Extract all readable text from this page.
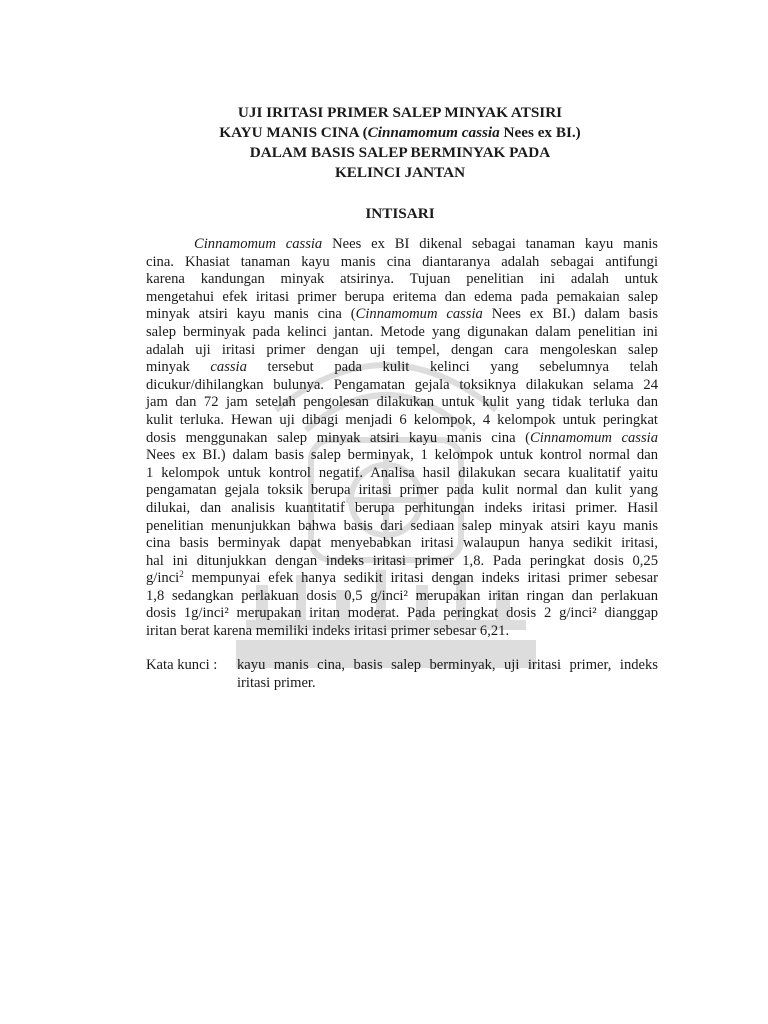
UJI IRITASI PRIMER SALEP MINYAK ATSIRI
KAYU MANIS CINA (Cinnamomum cassia Nees ex BI.)
DALAM BASIS SALEP BERMINYAK PADA
KELINCI JANTAN
INTISARI
Cinnamomum cassia Nees ex BI dikenal sebagai tanaman kayu manis
cina. Khasiat tanaman kayu manis cina diantaranya adalah sebagai antifungi
karena kandungan minyak atsirinya. Tujuan penelitian ini adalah untuk
mengetahui efek iritasi primer berupa eritema dan edema pada pemakaian salep
minyak atsiri kayu manis cina (Cinnamomum cassia Nees ex BI.) dalam basis
salep berminyak pada kelinci jantan. Metode yang digunakan dalam penelitian ini
adalah uji iritasi primer dengan uji tempel, dengan cara mengoleskan salep
minyak cassia tersebut pada kulit kelinci yang sebelumnya telah
dicukur/dihilangkan bulunya. Pengamatan gejala toksiknya dilakukan selama 24
jam dan 72 jam setelah pengolesan dilakukan untuk kulit yang tidak terluka dan
kulit terluka. Hewan uji dibagi menjadi 6 kelompok, 4 kelompok untuk peringkat
dosis menggunakan salep minyak atsiri kayu manis cina (Cinnamomum cassia
Nees ex BI.) dalam basis salep berminyak, 1 kelompok untuk kontrol normal dan
1 kelompok untuk kontrol negatif. Analisa hasil dilakukan secara kualitatif yaitu
pengamatan gejala toksik berupa iritasi primer pada kulit normal dan kulit yang
dilukai, dan analisis kuantitatif berupa perhitungan indeks iritasi primer. Hasil
penelitian menunjukkan bahwa basis dari sediaan salep minyak atsiri kayu manis
cina basis berminyak dapat menyebabkan iritasi walaupun hanya sedikit iritasi,
hal ini ditunjukkan dengan indeks iritasi primer 1,8. Pada peringkat dosis 0,25
g/inci$^2$ mempunyai efek hanya sedikit iritasi dengan indeks iritasi primer sebesar
1,8 sedangkan perlakuan dosis 0,5 g/inci² merupakan iritan ringan dan perlakuan
dosis 1g/inci² merupakan iritan moderat. Pada peringkat dosis 2 g/inci² dianggap
iritan berat karena memiliki indeks iritasi primer sebesar 6,21.
Kata kunci : kayu manis cina, basis salep berminyak, uji iritasi primer, indeks
iritasi primer.
